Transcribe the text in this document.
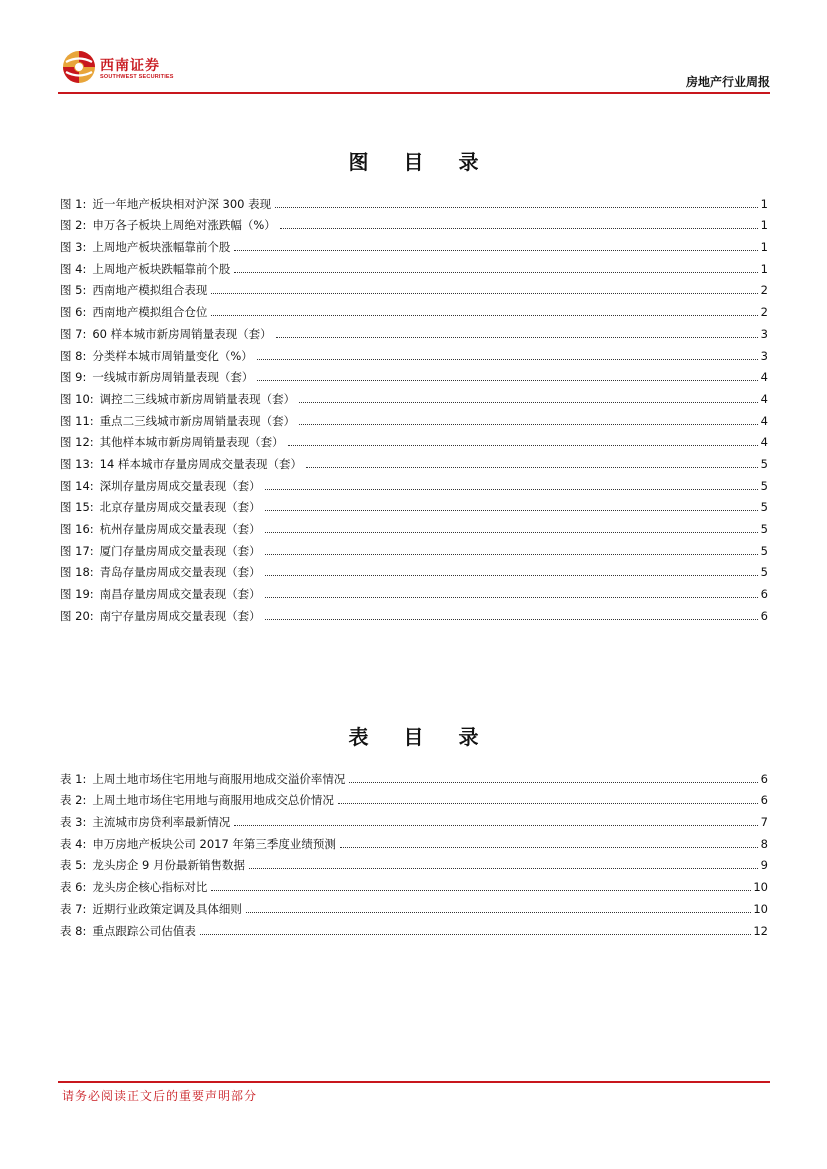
西南证券
SOUTHWEST SECURITIES	房地产行业周报
图 目 录
图 1: 近一年地产板块相对沪深 300 表现	1
图 2: 申万各子板块上周绝对涨跌幅（%）	1
图 3: 上周地产板块涨幅靠前个股	1
图 4: 上周地产板块跌幅靠前个股	1
图 5: 西南地产模拟组合表现	2
图 6: 西南地产模拟组合仓位	2
图 7: 60 样本城市新房周销量表现（套）	3
图 8: 分类样本城市周销量变化（%）	3
图 9: 一线城市新房周销量表现（套）	4
图 10: 调控二三线城市新房周销量表现（套）	4
图 11: 重点二三线城市新房周销量表现（套）	4
图 12: 其他样本城市新房周销量表现（套）	4
图 13: 14 样本城市存量房周成交量表现（套）	5
图 14: 深圳存量房周成交量表现（套）	5
图 15: 北京存量房周成交量表现（套）	5
图 16: 杭州存量房周成交量表现（套）	5
图 17: 厦门存量房周成交量表现（套）	5
图 18: 青岛存量房周成交量表现（套）	5
图 19: 南昌存量房周成交量表现（套）	6
图 20: 南宁存量房周成交量表现（套）	6
表 目 录
表 1: 上周土地市场住宅用地与商服用地成交溢价率情况	6
表 2: 上周土地市场住宅用地与商服用地成交总价情况	6
表 3: 主流城市房贷利率最新情况	7
表 4: 申万房地产板块公司 2017 年第三季度业绩预测	8
表 5: 龙头房企 9 月份最新销售数据	9
表 6: 龙头房企核心指标对比	10
表 7: 近期行业政策定调及具体细则	10
表 8: 重点跟踪公司估值表	12
请务必阅读正文后的重要声明部分
